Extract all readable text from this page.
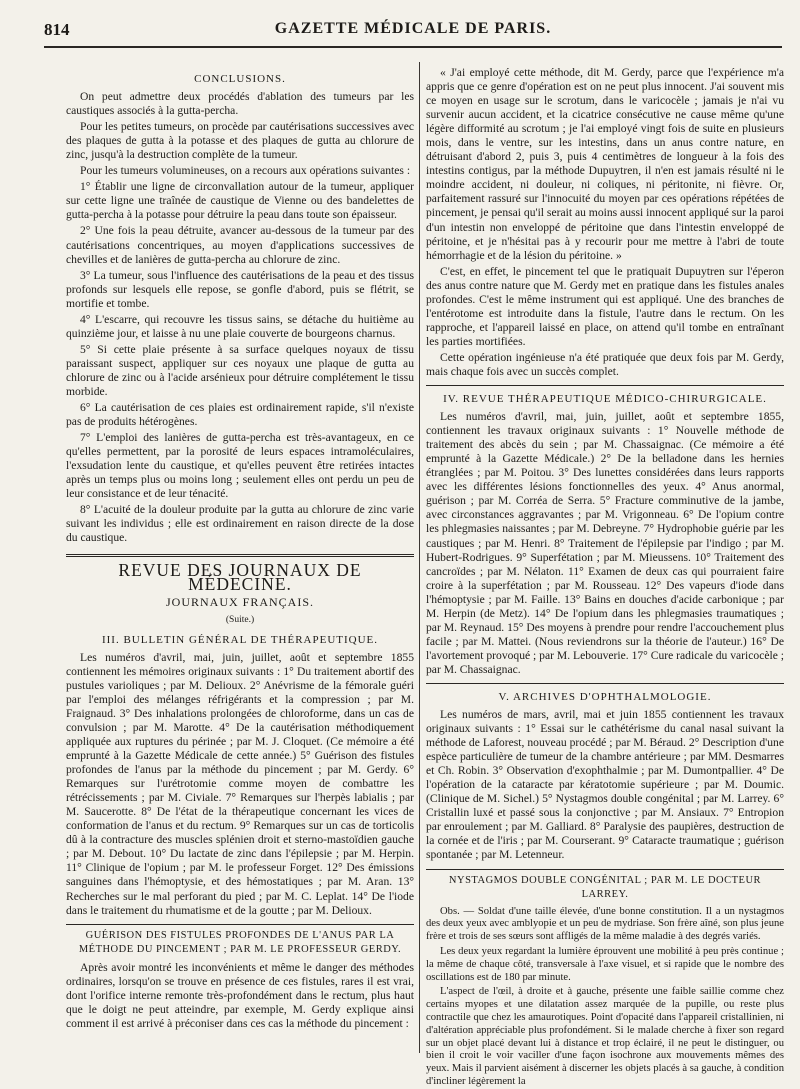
814	GAZETTE MÉDICALE DE PARIS.
CONCLUSIONS.

On peut admettre deux procédés d'ablation des tumeurs par les caustiques associés à la gutta-percha.

Pour les petites tumeurs, on procède par cautérisations successives avec des plaques de gutta à la potasse et des plaques de gutta au chlorure de zinc, jusqu'à la destruction complète de la tumeur.

Pour les tumeurs volumineuses, on a recours aux opérations suivantes :

1° Établir une ligne de circonvallation autour de la tumeur, appliquer sur cette ligne une traînée de caustique de Vienne ou des bandelettes de gutta-percha à la potasse pour détruire la peau dans toute son épaisseur.

2° Une fois la peau détruite, avancer au-dessous de la tumeur par des cautérisations concentriques, au moyen d'applications successives de chevilles et de lanières de gutta-percha au chlorure de zinc.

3° La tumeur, sous l'influence des cautérisations de la peau et des tissus profonds sur lesquels elle repose, se gonfle d'abord, puis se flétrit, se mortifie et tombe.

4° L'escarre, qui recouvre les tissus sains, se détache du huitième au quinzième jour, et laisse à nu une plaie couverte de bourgeons charnus.

5° Si cette plaie présente à sa surface quelques noyaux de tissu paraissant suspect, appliquer sur ces noyaux une plaque de gutta au chlorure de zinc ou à l'acide arsénieux pour détruire complétement le tissu morbide.

6° La cautérisation de ces plaies est ordinairement rapide, s'il n'existe pas de produits hétérogènes.

7° L'emploi des lanières de gutta-percha est très-avantageux, en ce qu'elles permettent, par la porosité de leurs espaces intramoléculaires, l'exsudation lente du caustique, et qu'elles peuvent être retirées intactes après un temps plus ou moins long ; seulement elles ont perdu un peu de leur consistance et de leur ténacité.

8° L'acuité de la douleur produite par la gutta au chlorure de zinc varie suivant les individus ; elle est ordinairement en raison directe de la dose du caustique.

REVUE DES JOURNAUX DE MÉDECINE.
JOURNAUX FRANÇAIS.
(Suite.)
III. BULLETIN GÉNÉRAL DE THÉRAPEUTIQUE.

Les numéros d'avril, mai, juin, juillet, août et septembre 1855 contiennent les mémoires originaux suivants : 1° Du traitement abortif des pustules varioliques ; par M. Delioux. 2° Anévrisme de la fémorale guéri par l'emploi des mélanges réfrigérants et la compression ; par M. Fraignaud. 3° Des inhalations prolongées de chloroforme, dans un cas de convulsion ; par M. Marotte. 4° De la cautérisation méthodiquement appliquée aux ruptures du périnée ; par M. J. Cloquet. (Ce mémoire a été emprunté à la Gazette Médicale de cette année.) 5° Guérison des fistules profondes de l'anus par la méthode du pincement ; par M. Gerdy. 6° Remarques sur l'urétrotomie comme moyen de combattre les rétrécissements ; par M. Civiale. 7° Remarques sur l'herpès labialis ; par M. Saucerotte. 8° De l'état de la thérapeutique concernant les vices de conformation de l'anus et du rectum. 9° Remarques sur un cas de torticolis dû à la contracture des muscles splénien droit et sterno-mastoïdien gauche ; par M. Debout. 10° Du lactate de zinc dans l'épilepsie ; par M. Herpin. 11° Clinique de l'opium ; par M. le professeur Forget. 12° Des émissions sanguines dans l'hémoptysie, et des hémostatiques ; par M. Aran. 13° Recherches sur le mal perforant du pied ; par M. C. Leplat. 14° De l'iode dans le traitement du rhumatisme et de la goutte ; par M. Delioux.

GUÉRISON DES FISTULES PROFONDES DE L'ANUS PAR LA MÉTHODE DU PINCEMENT ; PAR M. LE PROFESSEUR GERDY.

Après avoir montré les inconvénients et même le danger des méthodes ordinaires, lorsqu'on se trouve en présence de ces fistules, rares il est vrai, dont l'orifice interne remonte très-profondément dans le rectum, plus haut que le doigt ne peut atteindre, par exemple, M. Gerdy explique ainsi comment il est arrivé à préconiser dans ces cas la méthode du pincement :

« J'ai employé cette méthode, dit M. Gerdy, parce que l'expérience m'a appris que ce genre d'opération est on ne peut plus innocent. J'ai souvent mis ce moyen en usage sur le scrotum, dans le varicocèle ; jamais je n'ai vu survenir aucun accident, et la cicatrice consécutive ne cause même qu'une légère difformité au scrotum ; je l'ai employé vingt fois de suite en plusieurs mois, dans le ventre, sur les intestins, dans un anus contre nature, en détruisant d'abord 2, puis 3, puis 4 centimètres de longueur à la fois des intestins contigus, par la méthode Dupuytren, il n'en est jamais résulté ni le moindre accident, ni douleur, ni coliques, ni péritonite, ni fièvre. Or, parfaitement rassuré sur l'innocuité du moyen par ces opérations répétées de pincement, je pensai qu'il serait au moins aussi innocent appliqué sur la paroi d'un intestin non enveloppé de péritoine que dans l'intestin enveloppé de péritoine, et je n'hésitai pas à y recourir pour me mettre à l'abri de toute hémorrhagie et de la lésion du péritoine. »

C'est, en effet, le pincement tel que le pratiquait Dupuytren sur l'éperon des anus contre nature que M. Gerdy met en pratique dans les fistules anales profondes. C'est le même instrument qui est appliqué. Une des branches de l'entérotome est introduite dans la fistule, l'autre dans le rectum. On les rapproche, et l'appareil laissé en place, on attend qu'il tombe en entraînant les parties mortifiées.

Cette opération ingénieuse n'a été pratiquée que deux fois par M. Gerdy, mais chaque fois avec un succès complet.

IV. REVUE THÉRAPEUTIQUE MÉDICO-CHIRURGICALE.

Les numéros d'avril, mai, juin, juillet, août et septembre 1855, contiennent les travaux originaux suivants : 1° Nouvelle méthode de traitement des abcès du sein ; par M. Chassaignac. (Ce mémoire a été emprunté à la Gazette Médicale.) 2° De la belladone dans les hernies étranglées ; par M. Poitou. 3° Des lunettes considérées dans leurs rapports avec les différentes lésions fonctionnelles des yeux. 4° Anus anormal, guérison ; par M. Corréa de Serra. 5° Fracture comminutive de la jambe, avec circonstances aggravantes ; par M. Vrigonneau. 6° De l'opium contre les phlegmasies naissantes ; par M. Debreyne. 7° Hydrophobie guérie par les caustiques ; par M. Henri. 8° Traitement de l'épilepsie par l'indigo ; par M. Hubert-Rodrigues. 9° Superfétation ; par M. Mieussens. 10° Traitement des cancroïdes ; par M. Nélaton. 11° Examen de deux cas qui pourraient faire croire à la superfétation ; par M. Rousseau. 12° Des vapeurs d'iode dans l'hémoptysie ; par M. Faille. 13° Bains en douches d'acide carbonique ; par M. Herpin (de Metz). 14° De l'opium dans les phlegmasies traumatiques ; par M. Reynaud. 15° Des moyens à prendre pour rendre l'accouchement plus facile ; par M. Mattei. (Nous reviendrons sur la théorie de l'auteur.) 16° De l'avortement provoqué ; par M. Lebouverie. 17° Cure radicale du varicocèle ; par M. Chassaignac.

V. ARCHIVES D'OPHTHALMOLOGIE.

Les numéros de mars, avril, mai et juin 1855 contiennent les travaux originaux suivants : 1° Essai sur le cathétérisme du canal nasal suivant la méthode de Laforest, nouveau procédé ; par M. Béraud. 2° Description d'une espèce particulière de tumeur de la chambre antérieure ; par MM. Desmarres et Ch. Robin. 3° Observation d'exophthalmie ; par M. Dumontpallier. 4° De l'opération de la cataracte par kératotomie supérieure ; par M. Doumic. (Clinique de M. Sichel.) 5° Nystagmos double congénital ; par M. Larrey. 6° Cristallin luxé et passé sous la conjonctive ; par M. Ansiaux. 7° Entropion par enroulement ; par M. Galliard. 8° Paralysie des paupières, destruction de la cornée et de l'iris ; par M. Courserant. 9° Cataracte traumatique ; guérison spontanée ; par M. Letenneur.

NYSTAGMOS DOUBLE CONGÉNITAL ; PAR M. LE DOCTEUR LARREY.

Obs. — Soldat d'une taille élevée, d'une bonne constitution. Il a un nystagmos des deux yeux avec amblyopie et un peu de mydriase. Son frère aîné, son plus jeune frère et trois de ses sœurs sont affligés de la même maladie à des degrés variés.

Les deux yeux regardant la lumière éprouvent une mobilité à peu près continue ; la même de chaque côté, transversale à l'axe visuel, et si rapide que le nombre des oscillations est de 180 par minute.

L'aspect de l'œil, à droite et à gauche, présente une faible saillie comme chez certains myopes et une dilatation assez marquée de la pupille, ou reste plus contractile que chez les amaurotiques. Point d'opacité dans l'appareil cristallinien, ni d'altération appréciable plus profondément. Si le malade cherche à fixer son regard sur un objet placé devant lui à distance et trop éclairé, il ne peut le distinguer, ou bien il croit le voir vaciller d'une façon isochrone aux mouvements mêmes des yeux. Mais il parvient aisément à discerner les objets placés à sa gauche, à condition d'incliner légèrement la
